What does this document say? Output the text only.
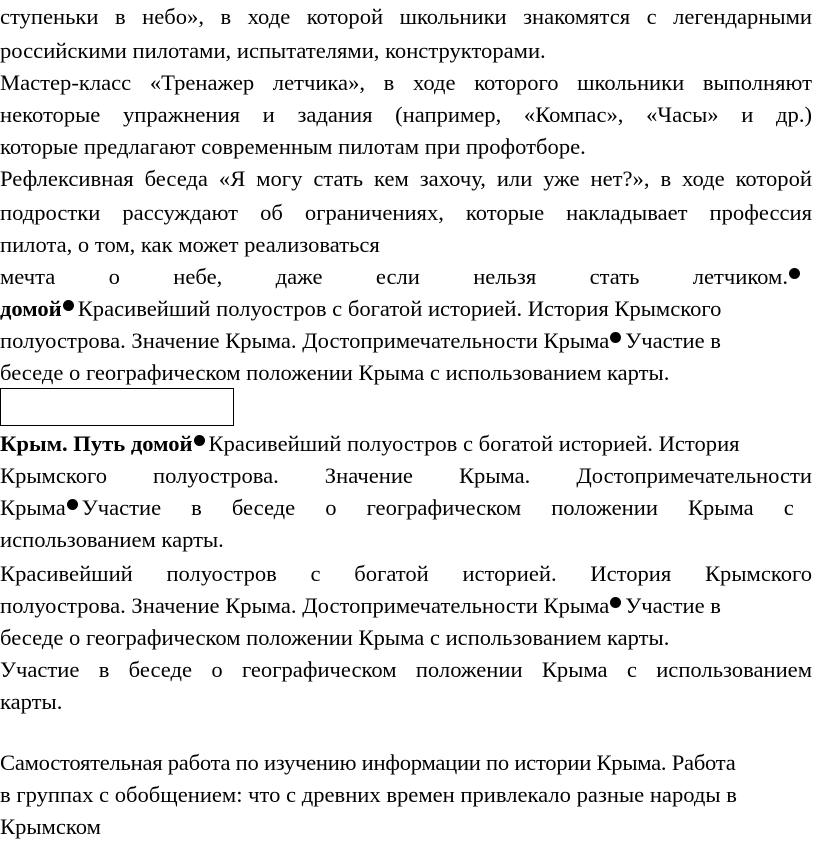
ступеньки в небо», в ходе которой школьники знакомятся с легендарными
российскими пилотами, испытателями, конструкторами.
Мастер-класс «Тренажер летчика», в ходе которого школьники выполняют
некоторые упражнения и задания (например, «Компас», «Часы» и др.)
которые предлагают современным пилотам при профотборе.
Рефлексивная беседа «Я могу стать кем захочу, или уже нет?», в ходе которой
подростки рассуждают об ограничениях, которые накладывает профессия
пилота, о том, как может реализоваться
мечта о небе, даже если нельзя стать летчиком.
домой Красивейший полуостров с богатой историей. История Крымского
полуострова. Значение Крыма. Достопримечательности Крыма Участие в
беседе о географическом положении Крыма с использованием карты.
Крым. Путь домой Красивейший полуостров с богатой историей. История
Крымского полуострова. Значение Крыма. Достопримечательности
Крыма Участие в беседе о географическом положении Крыма с
использованием карты.
Красивейший полуостров с богатой историей. История Крымского
полуострова. Значение Крыма. Достопримечательности Крыма Участие в
беседе о географическом положении Крыма с использованием карты.
Участие в беседе о географическом положении Крыма с использованием
карты.
Самостоятельная работа по изучению информации по истории Крыма. Работа
в группах с обобщением: что с древних времен привлекало разные народы в
Крымском
